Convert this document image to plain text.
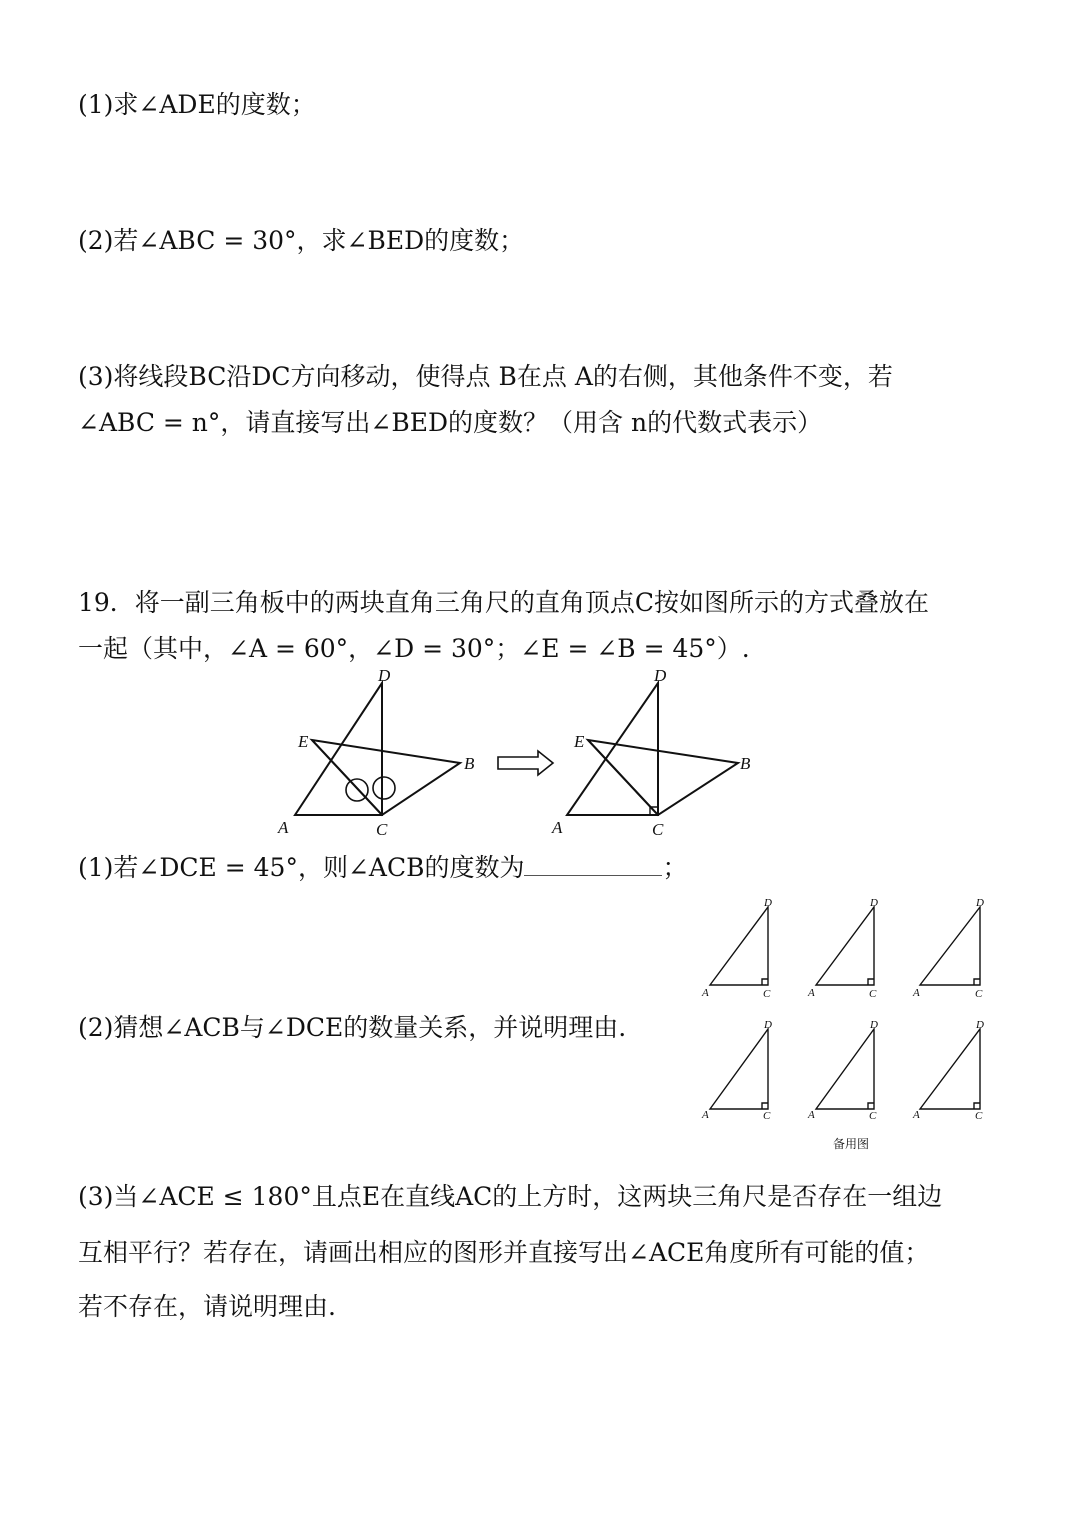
(1)求∠ADE的度数；
(2)若∠ABC = 30°，求∠BED的度数；
(3)将线段BC沿DC方向移动，使得点 B在点 A的右侧，其他条件不变，若
∠ABC = n°，请直接写出∠BED的度数？（用含 n的代数式表示）
19．将一副三角板中的两块直角三角尺的直角顶点C按如图所示的方式叠放在
一起（其中，∠A = 60°，∠D = 30°；∠E = ∠B = 45°）.
D
E
B
A	C
D
E
B
A	C
(1)若∠DCE = 45°，则∠ACB的度数为	；
(2)猜想∠ACB与∠DCE的数量关系，并说明理由.
D
A	C
D
A	C
D
A	C
D
A	C
D
A	C
D
A	C
备用图
(3)当∠ACE ≤ 180°且点E在直线AC的上方时，这两块三角尺是否存在一组边
互相平行？若存在，请画出相应的图形并直接写出∠ACE角度所有可能的值；
若不存在，请说明理由.
